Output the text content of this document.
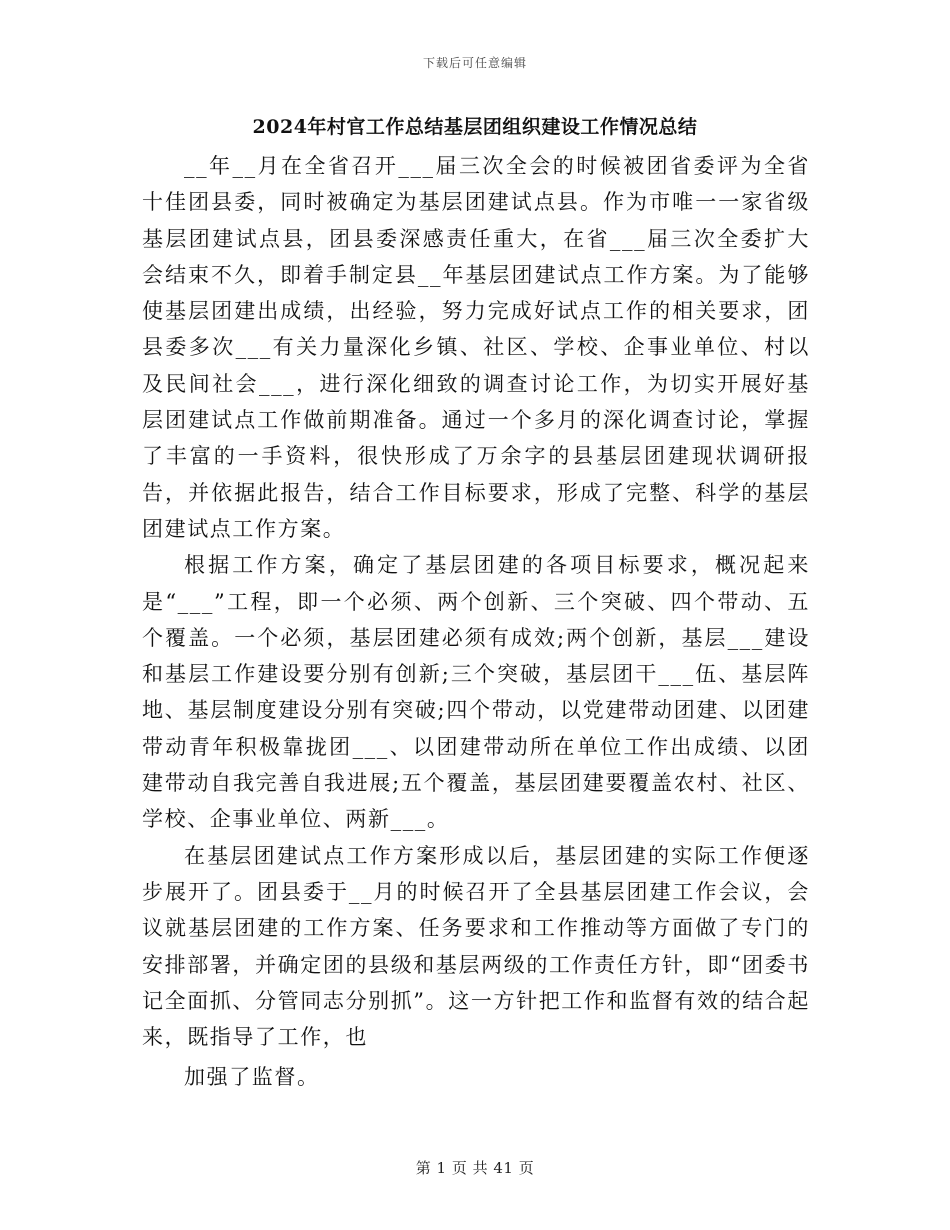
下载后可任意编辑
2024年村官工作总结基层团组织建设工作情况总结

__年__月在全省召开___届三次全会的时候被团省委评为全省十佳团县委，同时被确定为基层团建试点县。作为市唯一一家省级基层团建试点县，团县委深感责任重大，在省___届三次全委扩大会结束不久，即着手制定县__年基层团建试点工作方案。为了能够使基层团建出成绩，出经验，努力完成好试点工作的相关要求，团县委多次___有关力量深化乡镇、社区、学校、企事业单位、村以及民间社会___，进行深化细致的调查讨论工作，为切实开展好基层团建试点工作做前期准备。通过一个多月的深化调查讨论，掌握了丰富的一手资料，很快形成了万余字的县基层团建现状调研报告，并依据此报告，结合工作目标要求，形成了完整、科学的基层团建试点工作方案。

根据工作方案，确定了基层团建的各项目标要求，概况起来是“___”工程，即一个必须、两个创新、三个突破、四个带动、五个覆盖。一个必须，基层团建必须有成效;两个创新，基层___建设和基层工作建设要分别有创新;三个突破，基层团干___伍、基层阵地、基层制度建设分别有突破;四个带动，以党建带动团建、以团建带动青年积极靠拢团___、以团建带动所在单位工作出成绩、以团建带动自我完善自我进展;五个覆盖，基层团建要覆盖农村、社区、学校、企事业单位、两新___。

在基层团建试点工作方案形成以后，基层团建的实际工作便逐步展开了。团县委于__月的时候召开了全县基层团建工作会议，会议就基层团建的工作方案、任务要求和工作推动等方面做了专门的安排部署，并确定团的县级和基层两级的工作责任方针，即“团委书记全面抓、分管同志分别抓”。这一方针把工作和监督有效的结合起来，既指导了工作，也

加强了监督。

第 1 页 共 41 页
